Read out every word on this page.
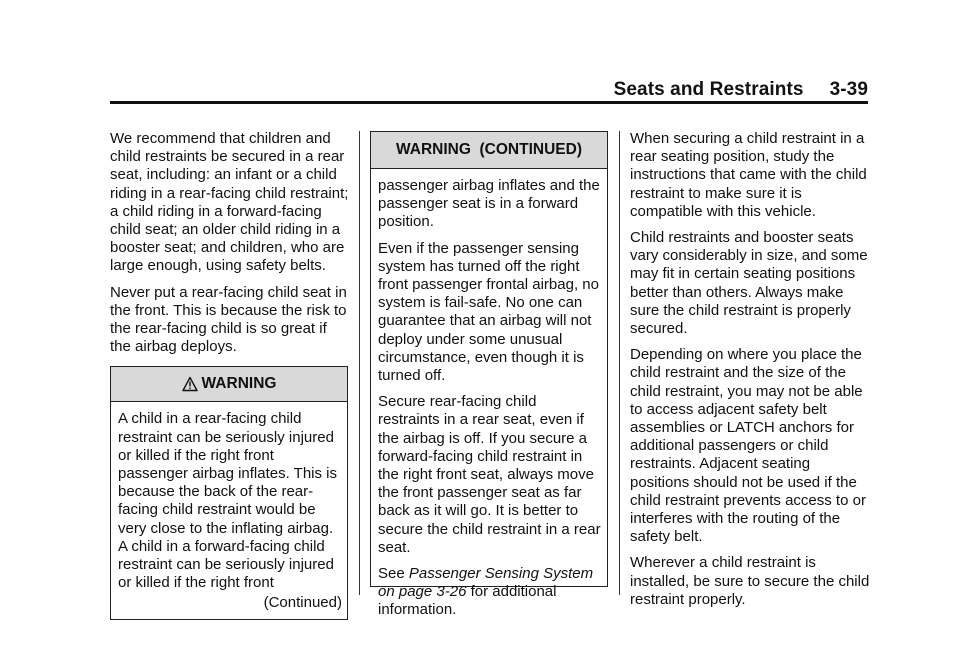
Seats and Restraints 3-39

We recommend that children and child restraints be secured in a rear seat, including: an infant or a child riding in a rear-facing child restraint; a child riding in a forward-facing child seat; an older child riding in a booster seat; and children, who are large enough, using safety belts.

Never put a rear-facing child seat in the front. This is because the risk to the rear-facing child is so great if the airbag deploys.

WARNING

A child in a rear-facing child restraint can be seriously injured or killed if the right front passenger airbag inflates. This is because the back of the rear-facing child restraint would be very close to the inflating airbag. A child in a forward-facing child restraint can be seriously injured or killed if the right front

(Continued)

WARNING  (CONTINUED)

passenger airbag inflates and the passenger seat is in a forward position.

Even if the passenger sensing system has turned off the right front passenger frontal airbag, no system is fail-safe. No one can guarantee that an airbag will not deploy under some unusual circumstance, even though it is turned off.

Secure rear-facing child restraints in a rear seat, even if the airbag is off. If you secure a forward-facing child restraint in the right front seat, always move the front passenger seat as far back as it will go. It is better to secure the child restraint in a rear seat.

See Passenger Sensing System on page 3-26 for additional information.

When securing a child restraint in a rear seating position, study the instructions that came with the child restraint to make sure it is compatible with this vehicle.

Child restraints and booster seats vary considerably in size, and some may fit in certain seating positions better than others. Always make sure the child restraint is properly secured.

Depending on where you place the child restraint and the size of the child restraint, you may not be able to access adjacent safety belt assemblies or LATCH anchors for additional passengers or child restraints. Adjacent seating positions should not be used if the child restraint prevents access to or interferes with the routing of the safety belt.

Wherever a child restraint is installed, be sure to secure the child restraint properly.
